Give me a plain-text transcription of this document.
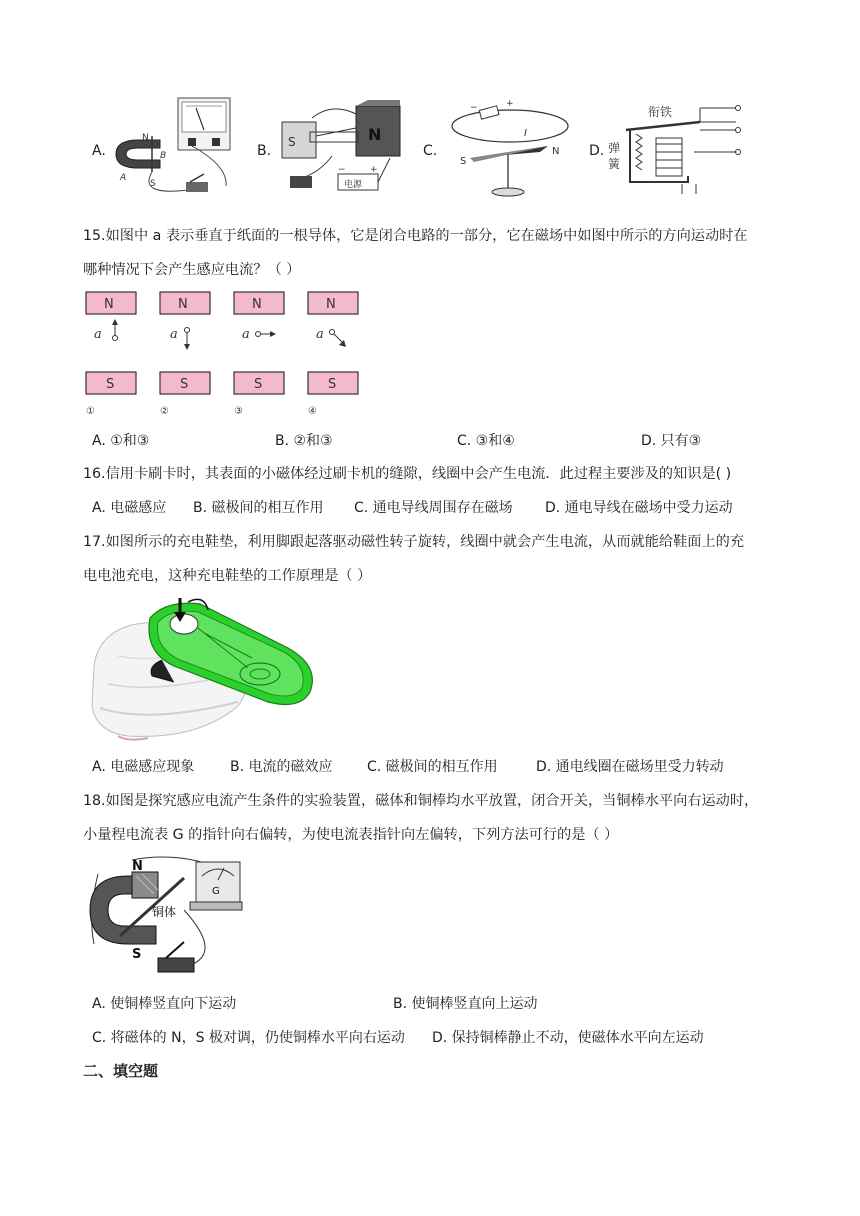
A.
N
S
A
B	B.
S	N
电源
−	+
C.
−	+
I
S
N D.
衔铁
弹
簧
15.如图中 a 表示垂直于纸面的一根导体，它是闭合电路的一部分，它在磁场中如图中所示的方向运动时在
哪种情况下会产生感应电流？（ ）
N
a
S
①
N
a
S
②
N
a
S
③
N
a
S
④
A. ①和③	B. ②和③	C. ③和④	D. 只有③
16.信用卡刷卡时，其表面的小磁体经过刷卡机的缝隙，线圈中会产生电流．此过程主要涉及的知识是( )
A. 电磁感应 B. 磁极间的相互作用 C. 通电导线周围存在磁场 D. 通电导线在磁场中受力运动
17.如图所示的充电鞋垫，利用脚跟起落驱动磁性转子旋转，线圈中就会产生电流，从而就能给鞋面上的充
电电池充电，这种充电鞋垫的工作原理是（ ）
A. 电磁感应现象	B. 电流的磁效应 C. 磁极间的相互作用	D. 通电线圈在磁场里受力转动
18.如图是探究感应电流产生条件的实验装置，磁体和铜棒均水平放置，闭合开关，当铜棒水平向右运动时，
小量程电流表 G 的指针向右偏转，为使电流表指针向左偏转，下列方法可行的是（ ）
N
S
铜体
G
A. 使铜棒竖直向下运动	B. 使铜棒竖直向上运动
C. 将磁体的 N，S 极对调，仍使铜棒水平向右运动 D. 保持铜棒静止不动，使磁体水平向左运动
二、填空题
